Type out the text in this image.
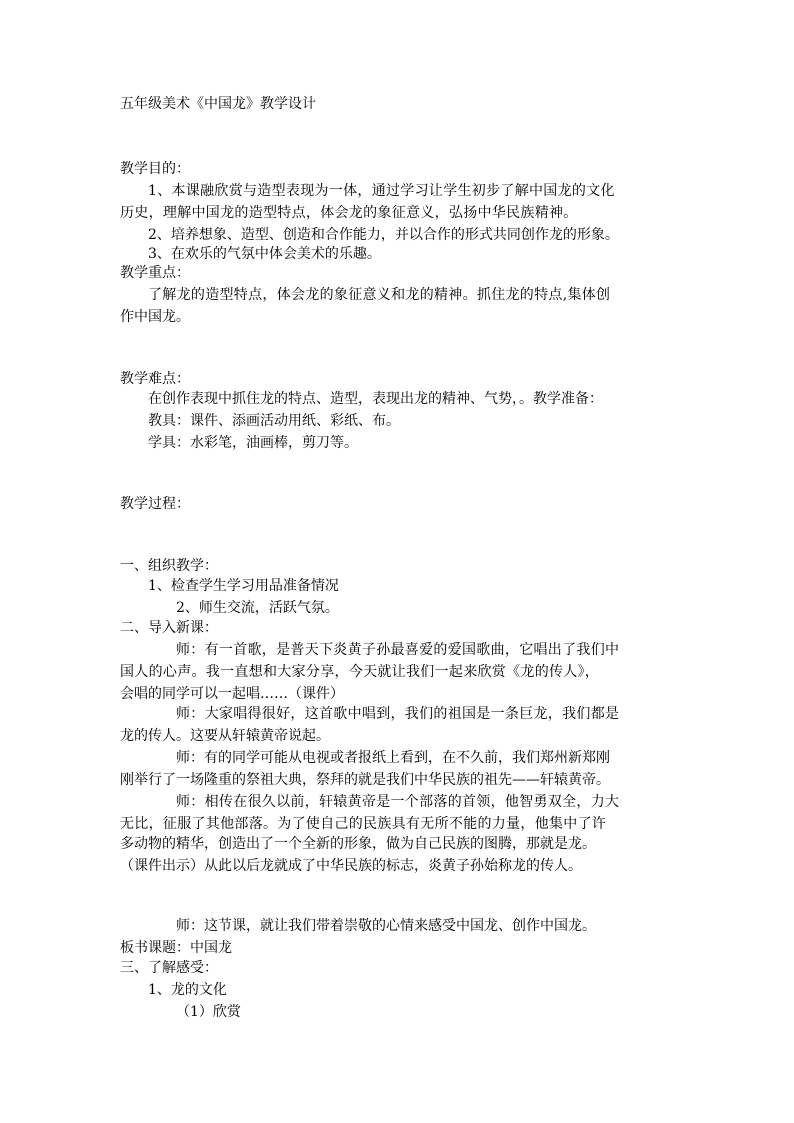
五年级美术《中国龙》教学设计
教学目的：
1、本课融欣赏与造型表现为一体，通过学习让学生初步了解中国龙的文化
历史，理解中国龙的造型特点，体会龙的象征意义，弘扬中华民族精神。
2、培养想象、造型、创造和合作能力，并以合作的形式共同创作龙的形象。
3、在欢乐的气氛中体会美术的乐趣。
教学重点：
了解龙的造型特点，体会龙的象征意义和龙的精神。抓住龙的特点,集体创
作中国龙。
教学难点：
在创作表现中抓住龙的特点、造型，表现出龙的精神、气势，。教学准备：
教具：课件、添画活动用纸、彩纸、布。
学具：水彩笔，油画棒，剪刀等。
教学过程：
一、组织教学：
1、检查学生学习用品准备情况
2、师生交流，活跃气氛。
二、导入新课：
师：有一首歌，是普天下炎黄子孙最喜爱的爱国歌曲，它唱出了我们中
国人的心声。我一直想和大家分享，今天就让我们一起来欣赏《龙的传人》，
会唱的同学可以一起唱……（课件）
师：大家唱得很好，这首歌中唱到，我们的祖国是一条巨龙，我们都是
龙的传人。这要从轩辕黄帝说起。
师：有的同学可能从电视或者报纸上看到，在不久前，我们郑州新郑刚
刚举行了一场隆重的祭祖大典，祭拜的就是我们中华民族的祖先——轩辕黄帝。
师：相传在很久以前，轩辕黄帝是一个部落的首领，他智勇双全，力大
无比，征服了其他部落。为了使自己的民族具有无所不能的力量，他集中了许
多动物的精华，创造出了一个全新的形象，做为自己民族的图腾，那就是龙。
（课件出示）从此以后龙就成了中华民族的标志，炎黄子孙始称龙的传人。
师：这节课，就让我们带着崇敬的心情来感受中国龙、创作中国龙。
板书课题：中国龙
三、了解感受：
1、龙的文化
（1）欣赏
